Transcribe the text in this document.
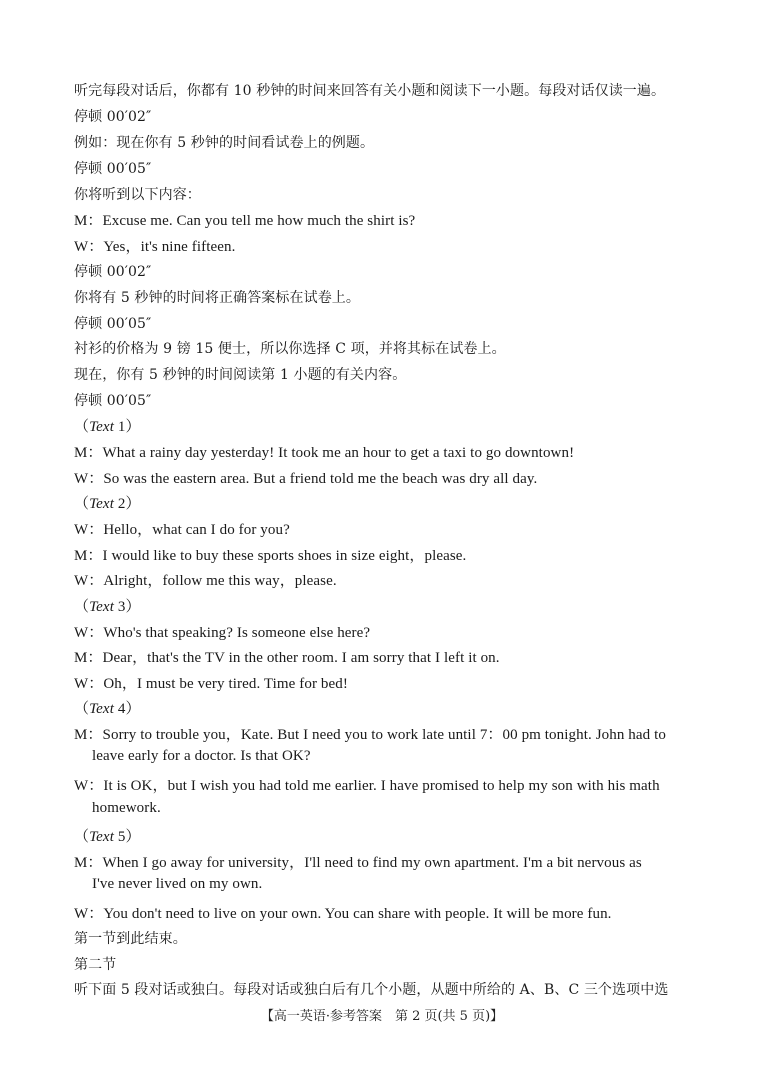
听完每段对话后，你都有 10 秒钟的时间来回答有关小题和阅读下一小题。每段对话仅读一遍。
停顿 00′02″
例如：现在你有 5 秒钟的时间看试卷上的例题。
停顿 00′05″
你将听到以下内容：
M：Excuse me. Can you tell me how much the shirt is?
W：Yes，it's nine fifteen.
停顿 00′02″
你将有 5 秒钟的时间将正确答案标在试卷上。
停顿 00′05″
衬衫的价格为 9 镑 15 便士，所以你选择 C 项，并将其标在试卷上。
现在，你有 5 秒钟的时间阅读第 1 小题的有关内容。
停顿 00′05″
（Text 1）
M：What a rainy day yesterday! It took me an hour to get a taxi to go downtown!
W：So was the eastern area. But a friend told me the beach was dry all day.
（Text 2）
W：Hello，what can I do for you?
M：I would like to buy these sports shoes in size eight，please.
W：Alright，follow me this way，please.
（Text 3）
W：Who's that speaking? Is someone else here?
M：Dear，that's the TV in the other room. I am sorry that I left it on.
W：Oh，I must be very tired. Time for bed!
（Text 4）
M：Sorry to trouble you，Kate. But I need you to work late until 7：00 pm tonight. John had to
leave early for a doctor. Is that OK?
W：It is OK，but I wish you had told me earlier. I have promised to help my son with his math
homework.
（Text 5）
M：When I go away for university，I'll need to find my own apartment. I'm a bit nervous as
I've never lived on my own.
W：You don't need to live on your own. You can share with people. It will be more fun.
第一节到此结束。
第二节
听下面 5 段对话或独白。每段对话或独白后有几个小题，从题中所给的 A、B、C 三个选项中选
【高一英语·参考答案　第 2 页(共 5 页)】
